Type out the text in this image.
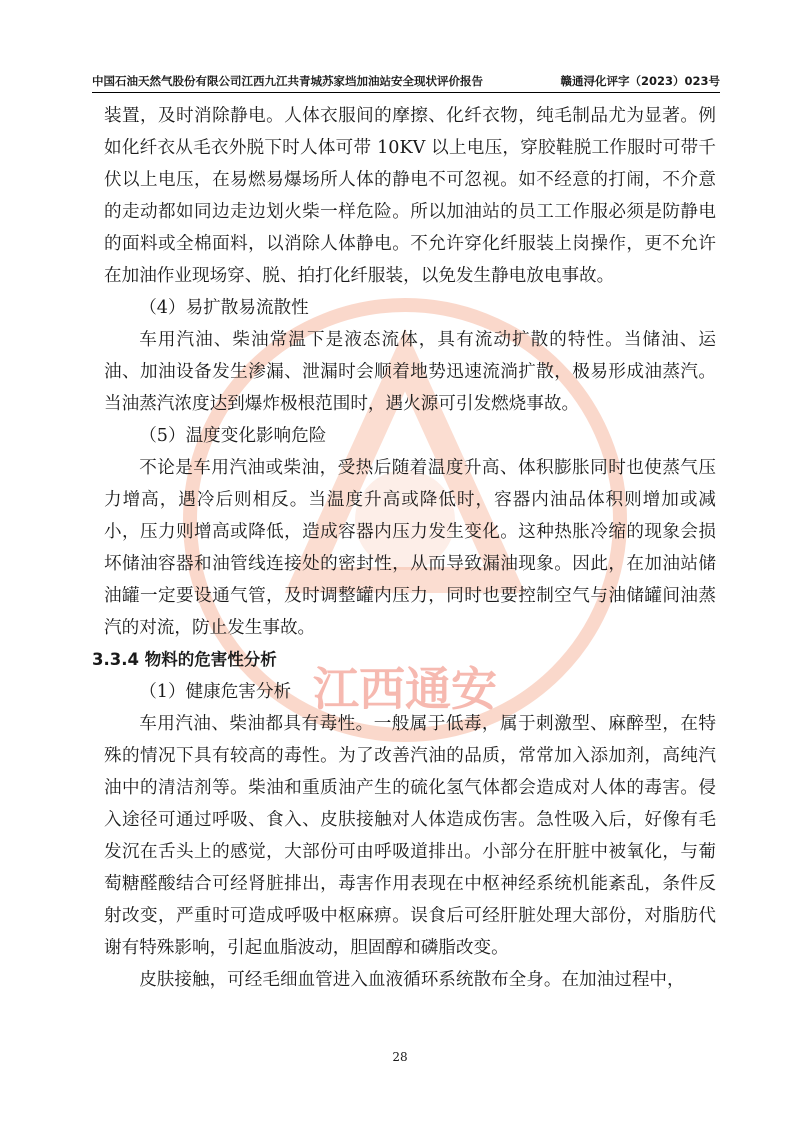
中国石油天然气股份有限公司江西九江共青城苏家垱加油站安全现状评价报告	赣通浔化评字（2023）023号
江西通安

装置，及时消除静电。人体衣服间的摩擦、化纤衣物，纯毛制品尤为显著。例如化纤衣从毛衣外脱下时人体可带 10KV 以上电压，穿胶鞋脱工作服时可带千伏以上电压，在易燃易爆场所人体的静电不可忽视。如不经意的打闹，不介意的走动都如同边走边划火柴一样危险。所以加油站的员工工作服必须是防静电的面料或全棉面料，以消除人体静电。不允许穿化纤服装上岗操作，更不允许在加油作业现场穿、脱、拍打化纤服装，以免发生静电放电事故。

（4）易扩散易流散性

车用汽油、柴油常温下是液态流体，具有流动扩散的特性。当储油、运油、加油设备发生渗漏、泄漏时会顺着地势迅速流淌扩散，极易形成油蒸汽。当油蒸汽浓度达到爆炸极根范围时，遇火源可引发燃烧事故。

（5）温度变化影响危险

不论是车用汽油或柴油，受热后随着温度升高、体积膨胀同时也使蒸气压力增高，遇冷后则相反。当温度升高或降低时，容器内油品体积则增加或减小，压力则增高或降低，造成容器内压力发生变化。这种热胀冷缩的现象会损坏储油容器和油管线连接处的密封性，从而导致漏油现象。因此，在加油站储油罐一定要设通气管，及时调整罐内压力，同时也要控制空气与油储罐间油蒸汽的对流，防止发生事故。

3.3.4 物料的危害性分析

（1）健康危害分析

车用汽油、柴油都具有毒性。一般属于低毒，属于刺激型、麻醉型，在特殊的情况下具有较高的毒性。为了改善汽油的品质，常常加入添加剂，高纯汽油中的清洁剂等。柴油和重质油产生的硫化氢气体都会造成对人体的毒害。侵入途径可通过呼吸、食入、皮肤接触对人体造成伤害。急性吸入后，好像有毛发沉在舌头上的感觉，大部份可由呼吸道排出。小部分在肝脏中被氧化，与葡萄糖醛酸结合可经肾脏排出，毒害作用表现在中枢神经系统机能紊乱，条件反射改变，严重时可造成呼吸中枢麻痹。误食后可经肝脏处理大部份，对脂肪代谢有特殊影响，引起血脂波动，胆固醇和磷脂改变。

皮肤接触，可经毛细血管进入血液循环系统散布全身。在加油过程中，

28
